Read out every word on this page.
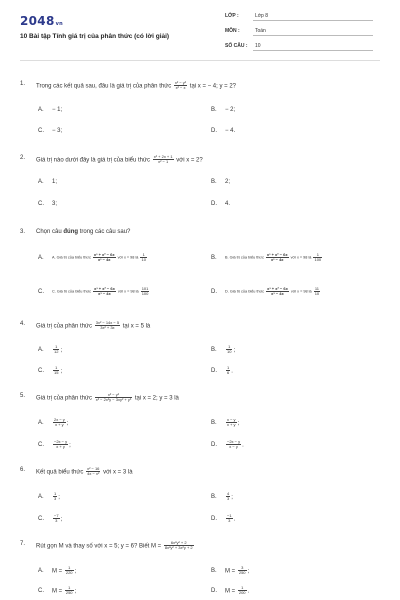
2048vn
10 Bài tập Tính giá trị của phân thức (có lời giải)
LỚP :	Lớp 8
MÔN :	Toán
SỐ CÂU : 10
1. Trong các kết quả sau, đâu là giá trị của phân thức $\frac{\text{x² − y²}}{\text{x² − x}}$ tại x = − 4; y = 2?
A. − 1;	B. − 2;
C. − 3;	D. − 4.
2. Giá trị nào dưới đây là giá trị của biểu thức $\frac{\text{x² + 2x + 1}}{\text{x² − 1}}$ với x = 2?
A. 1;	B. 2;
C. 3;	D. 4.
3. Chọn câu đúng trong các câu sau?
A. A. Giá trị của biểu thức $\frac{\text{x³ + x² − 6x}}{\text{x³ − 4x}}$ với x = 98 là $\frac{1}{10}$	B. B. Giá trị của biểu thức $\frac{\text{x³ + x² − 6x}}{\text{x³ − 4x}}$ với x = 98 là $\frac{1}{100}$
C. C. Giá trị của biểu thức $\frac{\text{x³ + x² − 6x}}{\text{x³ − 4x}}$ với x = 98 là $\frac{101}{100}$	D. D. Giá trị của biểu thức $\frac{\text{x³ + x² − 6x}}{\text{x³ − 4x}}$ với x = 98 là $\frac{11}{10}$
4. Giá trị của phân thức $\frac{\text{3x² − 14x − 5}}{\text{3x² + 3x}}$ tại x = 5 là
A. $\frac{1}{12}$ ;	B. $\frac{1}{10}$ ;
C. $\frac{1}{15}$ ;	D. $\frac{1}{6}$ .
5. Giá trị của phân thức $\frac{\text{x² − y²}}{\text{x³ − 2x²y − 3xy² + y³}}$ tại x = 2; y = 3 là
A. $\frac{2x - y}{x + y}$ ;	B. $\frac{x - y}{x + y}$ ;
C. $\frac{-2x - y}{x + y}$ ;	D. $\frac{-2x - y}{x - y}$ .
6. Kết quả biểu thức $\frac{\text{x² − 16}}{\text{4x − x²}}$ với x = 3 là
A. $\frac{1}{3}$ ;	B. $\frac{4}{3}$ ;
C. $\frac{-7}{3}$ ;	D. $\frac{-1}{3}$ .
7. Rút gọn M và thay số với x = 5; y = 6? Biết $M = \frac{\text{6x²y² + 2}}{\text{8x²y² + 3x²y + 2}}$
A. $M = \frac{1}{220}$ ;	B. $M = \frac{3}{250}$ ;
C. $M = \frac{1}{250}$ ;	D. $M = \frac{1}{200}$ .
